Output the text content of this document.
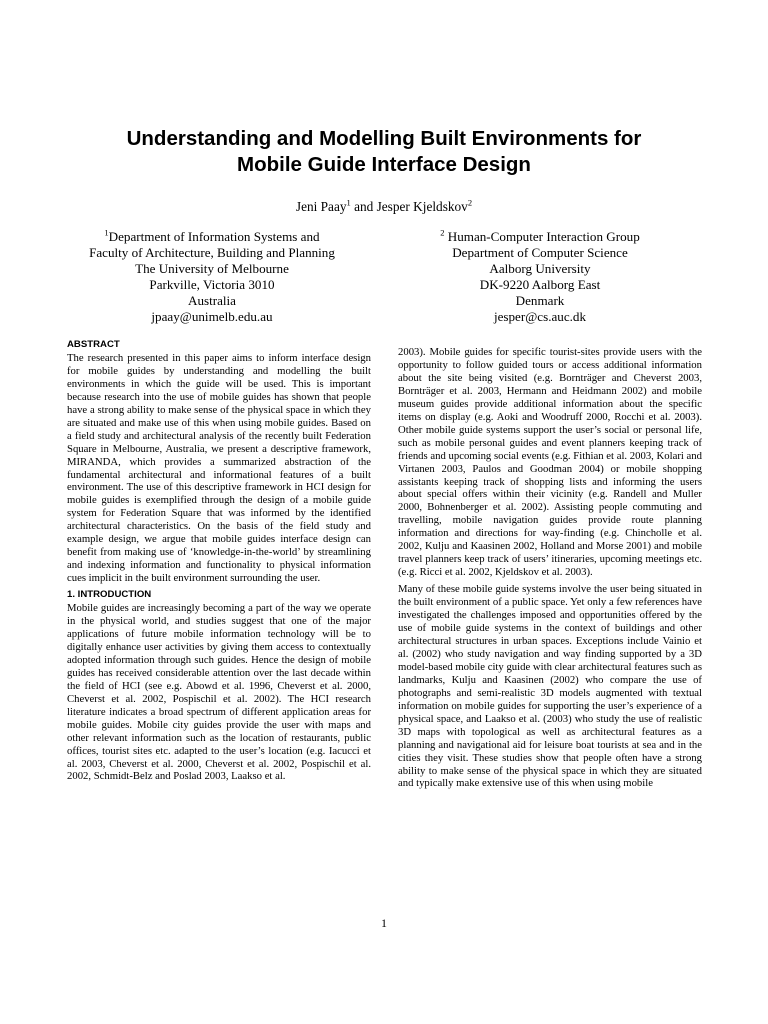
Understanding and Modelling Built Environments for
Mobile Guide Interface Design
Jeni Paay$^1$ and Jesper Kjeldskov$^2$
$^1$Department of Information Systems and
Faculty of Architecture, Building and Planning
The University of Melbourne
Parkville, Victoria 3010
Australia
jpaay@unimelb.edu.au
$^2$ Human-Computer Interaction Group
Department of Computer Science
Aalborg University
DK-9220 Aalborg East
Denmark
jesper@cs.auc.dk
ABSTRACT

The research presented in this paper aims to inform interface design for mobile guides by understanding and modelling the built environments in which the guide will be used. This is important because research into the use of mobile guides has shown that people have a strong ability to make sense of the physical space in which they are situated and make use of this when using mobile guides. Based on a field study and architectural analysis of the recently built Federation Square in Melbourne, Australia, we present a descriptive framework, MIRANDA, which provides a summarized abstraction of the fundamental architectural and informational features of a built environment. The use of this descriptive framework in HCI design for mobile guides is exemplified through the design of a mobile guide system for Federation Square that was informed by the identified architectural characteristics. On the basis of the field study and example design, we argue that mobile guides interface design can benefit from making use of ‘knowledge-in-the-world’ by streamlining and indexing information and functionality to physical information cues implicit in the built environment surrounding the user.

1. INTRODUCTION

Mobile guides are increasingly becoming a part of the way we operate in the physical world, and studies suggest that one of the major applications of future mobile information technology will be to digitally enhance user activities by giving them access to contextually adopted information through such guides. Hence the design of mobile guides has received considerable attention over the last decade within the field of HCI (see e.g. Abowd et al. 1996, Cheverst et al. 2000, Cheverst et al. 2002, Pospischil et al. 2002). The HCI research literature indicates a broad spectrum of different application areas for mobile guides. Mobile city guides provide the user with maps and other relevant information such as the location of restaurants, public offices, tourist sites etc. adapted to the user’s location (e.g. Iacucci et al. 2003, Cheverst et al. 2000, Cheverst et al. 2002, Pospischil et al. 2002, Schmidt-Belz and Poslad 2003, Laakso et al.

2003). Mobile guides for specific tourist-sites provide users with the opportunity to follow guided tours or access additional information about the site being visited (e.g. Bornträger and Cheverst 2003, Bornträger et al. 2003, Hermann and Heidmann 2002) and mobile museum guides provide additional information about the specific items on display (e.g. Aoki and Woodruff 2000, Rocchi et al. 2003). Other mobile guide systems support the user’s social or personal life, such as mobile personal guides and event planners keeping track of friends and upcoming social events (e.g. Fithian et al. 2003, Kolari and Virtanen 2003, Paulos and Goodman 2004) or mobile shopping assistants keeping track of shopping lists and informing the users about special offers within their vicinity (e.g. Randell and Muller 2000, Bohnenberger et al. 2002). Assisting people commuting and travelling, mobile navigation guides provide route planning information and directions for way-finding (e.g. Chincholle et al. 2002, Kulju and Kaasinen 2002, Holland and Morse 2001) and mobile travel planners keep track of users’ itineraries, upcoming meetings etc. (e.g. Ricci et al. 2002, Kjeldskov et al. 2003).

Many of these mobile guide systems involve the user being situated in the built environment of a public space. Yet only a few references have investigated the challenges imposed and opportunities offered by the use of mobile guide systems in the context of buildings and other architectural structures in urban spaces. Exceptions include Vainio et al. (2002) who study navigation and way finding supported by a 3D model-based mobile city guide with clear architectural features such as landmarks, Kulju and Kaasinen (2002) who compare the use of photographs and semi-realistic 3D models augmented with textual information on mobile guides for supporting the user’s experience of a physical space, and Laakso et al. (2003) who study the use of realistic 3D maps with topological as well as architectural features as a planning and navigational aid for leisure boat tourists at sea and in the cities they visit. These studies show that people often have a strong ability to make sense of the physical space in which they are situated and typically make extensive use of this when using mobile

1
